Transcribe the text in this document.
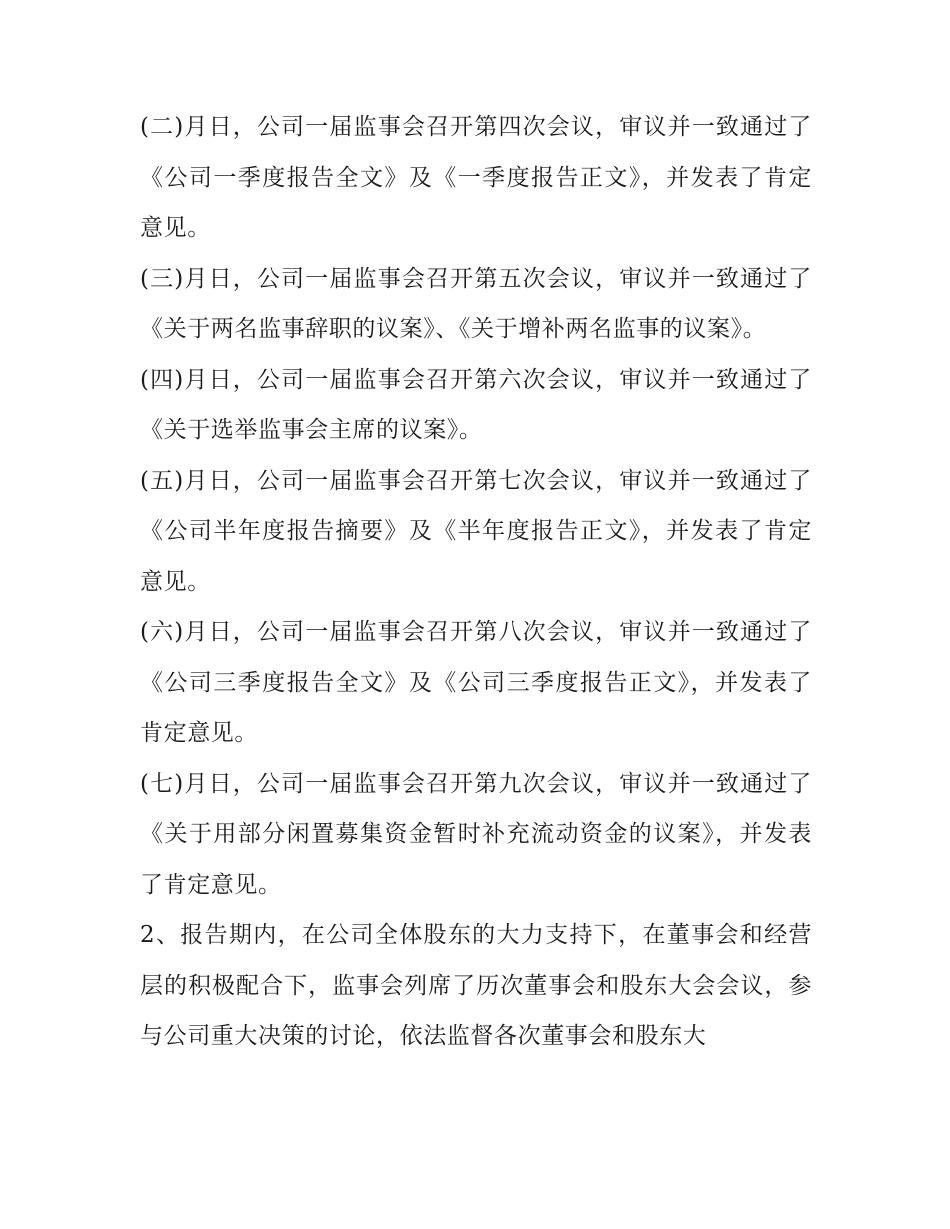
(二)月日，公司一届监事会召开第四次会议，审议并一致通过了《公司一季度报告全文》及《一季度报告正文》，并发表了肯定意见。

(三)月日，公司一届监事会召开第五次会议，审议并一致通过了《关于两名监事辞职的议案》、《关于增补两名监事的议案》。

(四)月日，公司一届监事会召开第六次会议，审议并一致通过了《关于选举监事会主席的议案》。

(五)月日，公司一届监事会召开第七次会议，审议并一致通过了《公司半年度报告摘要》及《半年度报告正文》，并发表了肯定意见。

(六)月日，公司一届监事会召开第八次会议，审议并一致通过了《公司三季度报告全文》及《公司三季度报告正文》，并发表了肯定意见。

(七)月日，公司一届监事会召开第九次会议，审议并一致通过了《关于用部分闲置募集资金暂时补充流动资金的议案》，并发表了肯定意见。

2、报告期内，在公司全体股东的大力支持下，在董事会和经营层的积极配合下，监事会列席了历次董事会和股东大会会议，参与公司重大决策的讨论，依法监督各次董事会和股东大
